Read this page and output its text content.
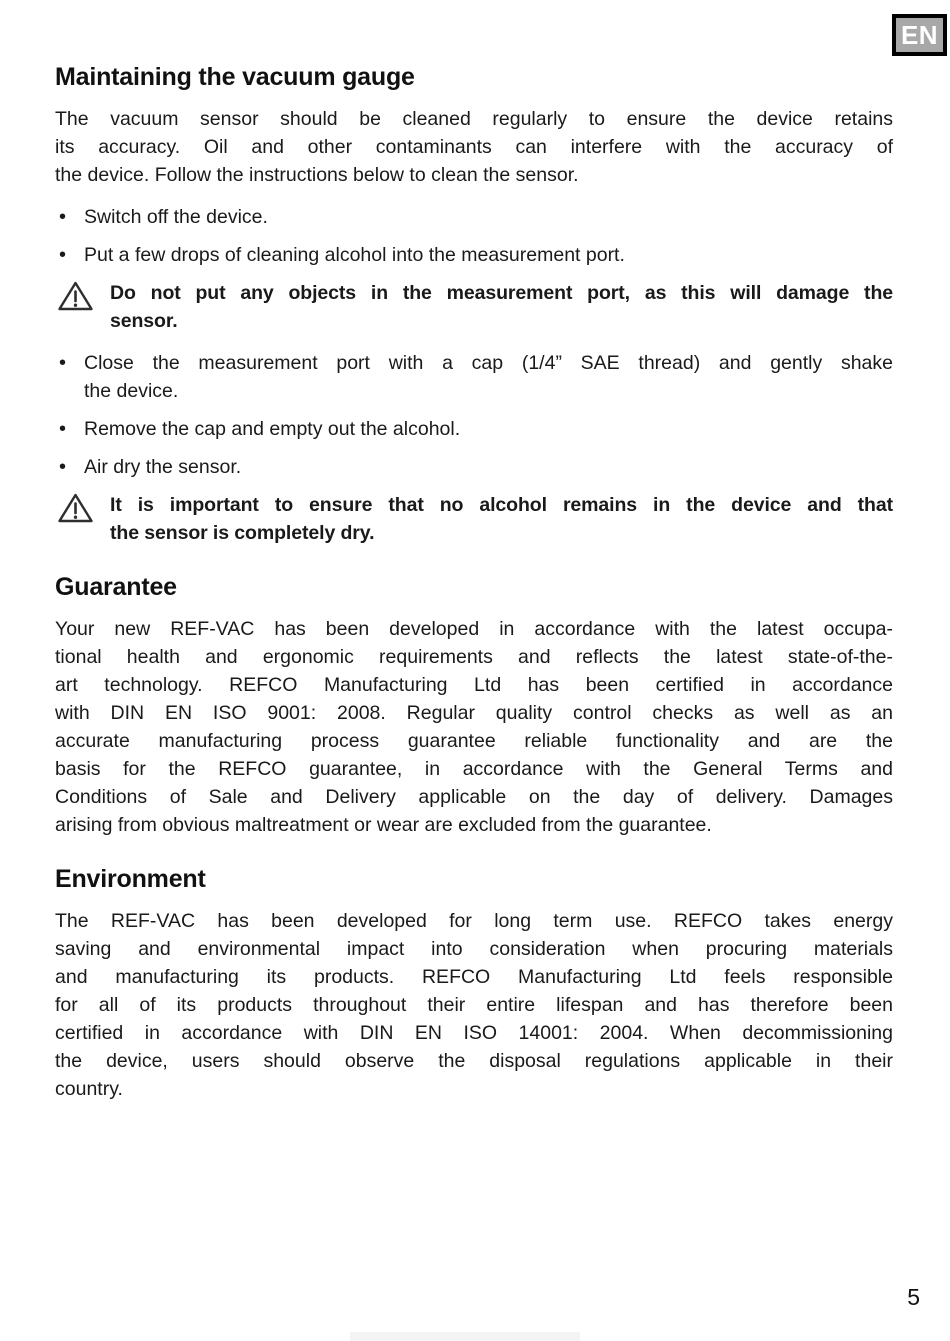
EN
Maintaining the vacuum gauge
The vacuum sensor should be cleaned regularly to ensure the device retains
its accuracy. Oil and other contaminants can interfere with the accuracy of
the device. Follow the instructions below to clean the sensor.
• Switch off the device.
• Put a few drops of cleaning alcohol into the measurement port.
Do not put any objects in the measurement port, as this will damage the
sensor.
• Close the measurement port with a cap (1/4” SAE thread) and gently shake
the device.
• Remove the cap and empty out the alcohol.
• Air dry the sensor.
It is important to ensure that no alcohol remains in the device and that
the sensor is completely dry.
Guarantee
Your new REF-VAC has been developed in accordance with the latest occupa-
tional health and ergonomic requirements and reflects the latest state-of-the-
art technology. REFCO Manufacturing Ltd has been certified in accordance
with DIN EN ISO 9001: 2008. Regular quality control checks as well as an
accurate manufacturing process guarantee reliable functionality and are the
basis for the REFCO guarantee, in accordance with the General Terms and
Conditions of Sale and Delivery applicable on the day of delivery. Damages
arising from obvious maltreatment or wear are excluded from the guarantee.
Environment
The REF-VAC has been developed for long term use. REFCO takes energy
saving and environmental impact into consideration when procuring materials
and manufacturing its products. REFCO Manufacturing Ltd feels responsible
for all of its products throughout their entire lifespan and has therefore been
certified in accordance with DIN EN ISO 14001: 2004. When decommissioning
the device, users should observe the disposal regulations applicable in their
country.
5
